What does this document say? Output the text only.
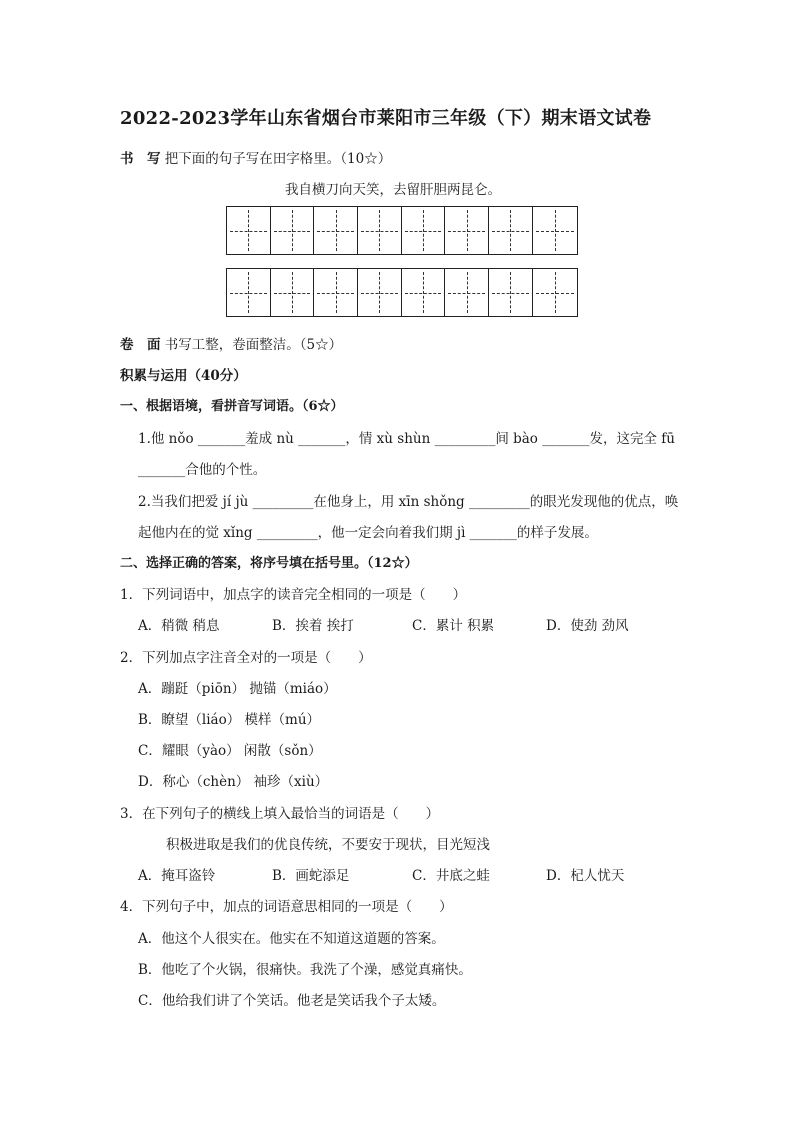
2022-2023学年山东省烟台市莱阳市三年级（下）期末语文试卷
书　写 把下面的句子写在田字格里。（10☆）
我自横刀向天笑，去留肝胆两昆仑。
卷　面 书写工整，卷面整洁。（5☆）
积累与运用（40分）
一、根据语境，看拼音写词语。（6☆）
1.他 nǒo _______羞成 nù _______，情 xù shùn _________间 bào _______发，这完全 fū
_______合他的个性。
2.当我们把爱 jí jù _________在他身上，用 xīn shǒng _________的眼光发现他的优点，唤
起他内在的觉 xǐng _________，他一定会向着我们期 jì _______的样子发展。
二、选择正确的答案，将序号填在括号里。（12☆）
1．下列词语中，加点字的读音完全相同的一项是（　　）
A．稍微 稍息	B．挨着 挨打	C．累计 积累	D．使劲 劲风
2．下列加点字注音全对的一项是（　　）
A．蹦跹（piōn） 抛锚（miáo）
B．瞭望（liáo） 模样（mú）
C．耀眼（yào） 闲散（sǒn）
D．称心（chèn） 袖珍（xiù）
3．在下列句子的横线上填入最恰当的词语是（　　）
积极进取是我们的优良传统，不要安于现状，目光短浅
A．掩耳盗铃	B．画蛇添足	C．井底之蛙	D．杞人忧天
4．下列句子中，加点的词语意思相同的一项是（　　）
A．他这个人很实在。他实在不知道这道题的答案。
B．他吃了个火锅，很痛快。我洗了个澡，感觉真痛快。
C．他给我们讲了个笑话。他老是笑话我个子太矮。
